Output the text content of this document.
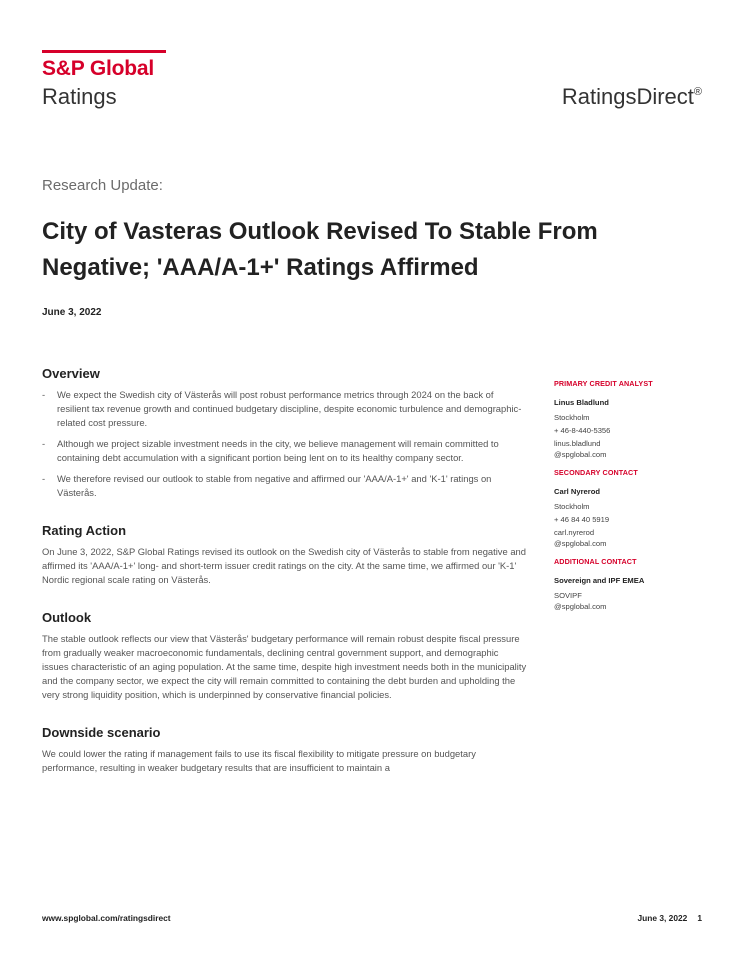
S&P Global
Ratings	RatingsDirect®
Research Update:
City of Vasteras Outlook Revised To Stable From Negative; 'AAA/A-1+' Ratings Affirmed
June 3, 2022
Overview
- We expect the Swedish city of Västerås will post robust performance metrics through 2024 on the back of resilient tax revenue growth and continued budgetary discipline, despite economic turbulence and demographic-related cost pressure.
- Although we project sizable investment needs in the city, we believe management will remain committed to containing debt accumulation with a significant portion being lent on to its healthy company sector.
- We therefore revised our outlook to stable from negative and affirmed our 'AAA/A-1+' and 'K-1' ratings on Västerås.
Rating Action

On June 3, 2022, S&P Global Ratings revised its outlook on the Swedish city of Västerås to stable from negative and affirmed its 'AAA/A-1+' long- and short-term issuer credit ratings on the city. At the same time, we affirmed our 'K-1' Nordic regional scale rating on Västerås.

Outlook

The stable outlook reflects our view that Västerås' budgetary performance will remain robust despite fiscal pressure from gradually weaker macroeconomic fundamentals, declining central government support, and demographic issues characteristic of an aging population. At the same time, despite high investment needs both in the municipality and the company sector, we expect the city will remain committed to containing the debt burden and upholding the very strong liquidity position, which is underpinned by conservative financial policies.

Downside scenario

We could lower the rating if management fails to use its fiscal flexibility to mitigate pressure on budgetary performance, resulting in weaker budgetary results that are insufficient to maintain a

PRIMARY CREDIT ANALYST
Linus Bladlund
Stockholm
+ 46-8-440-5356
linus.bladlund
@spglobal.com
SECONDARY CONTACT
Carl Nyrerod
Stockholm
+ 46 84 40 5919
carl.nyrerod
@spglobal.com
ADDITIONAL CONTACT
Sovereign and IPF EMEA
SOVIPF
@spglobal.com
www.spglobal.com/ratingsdirect	June 3, 2022 1
